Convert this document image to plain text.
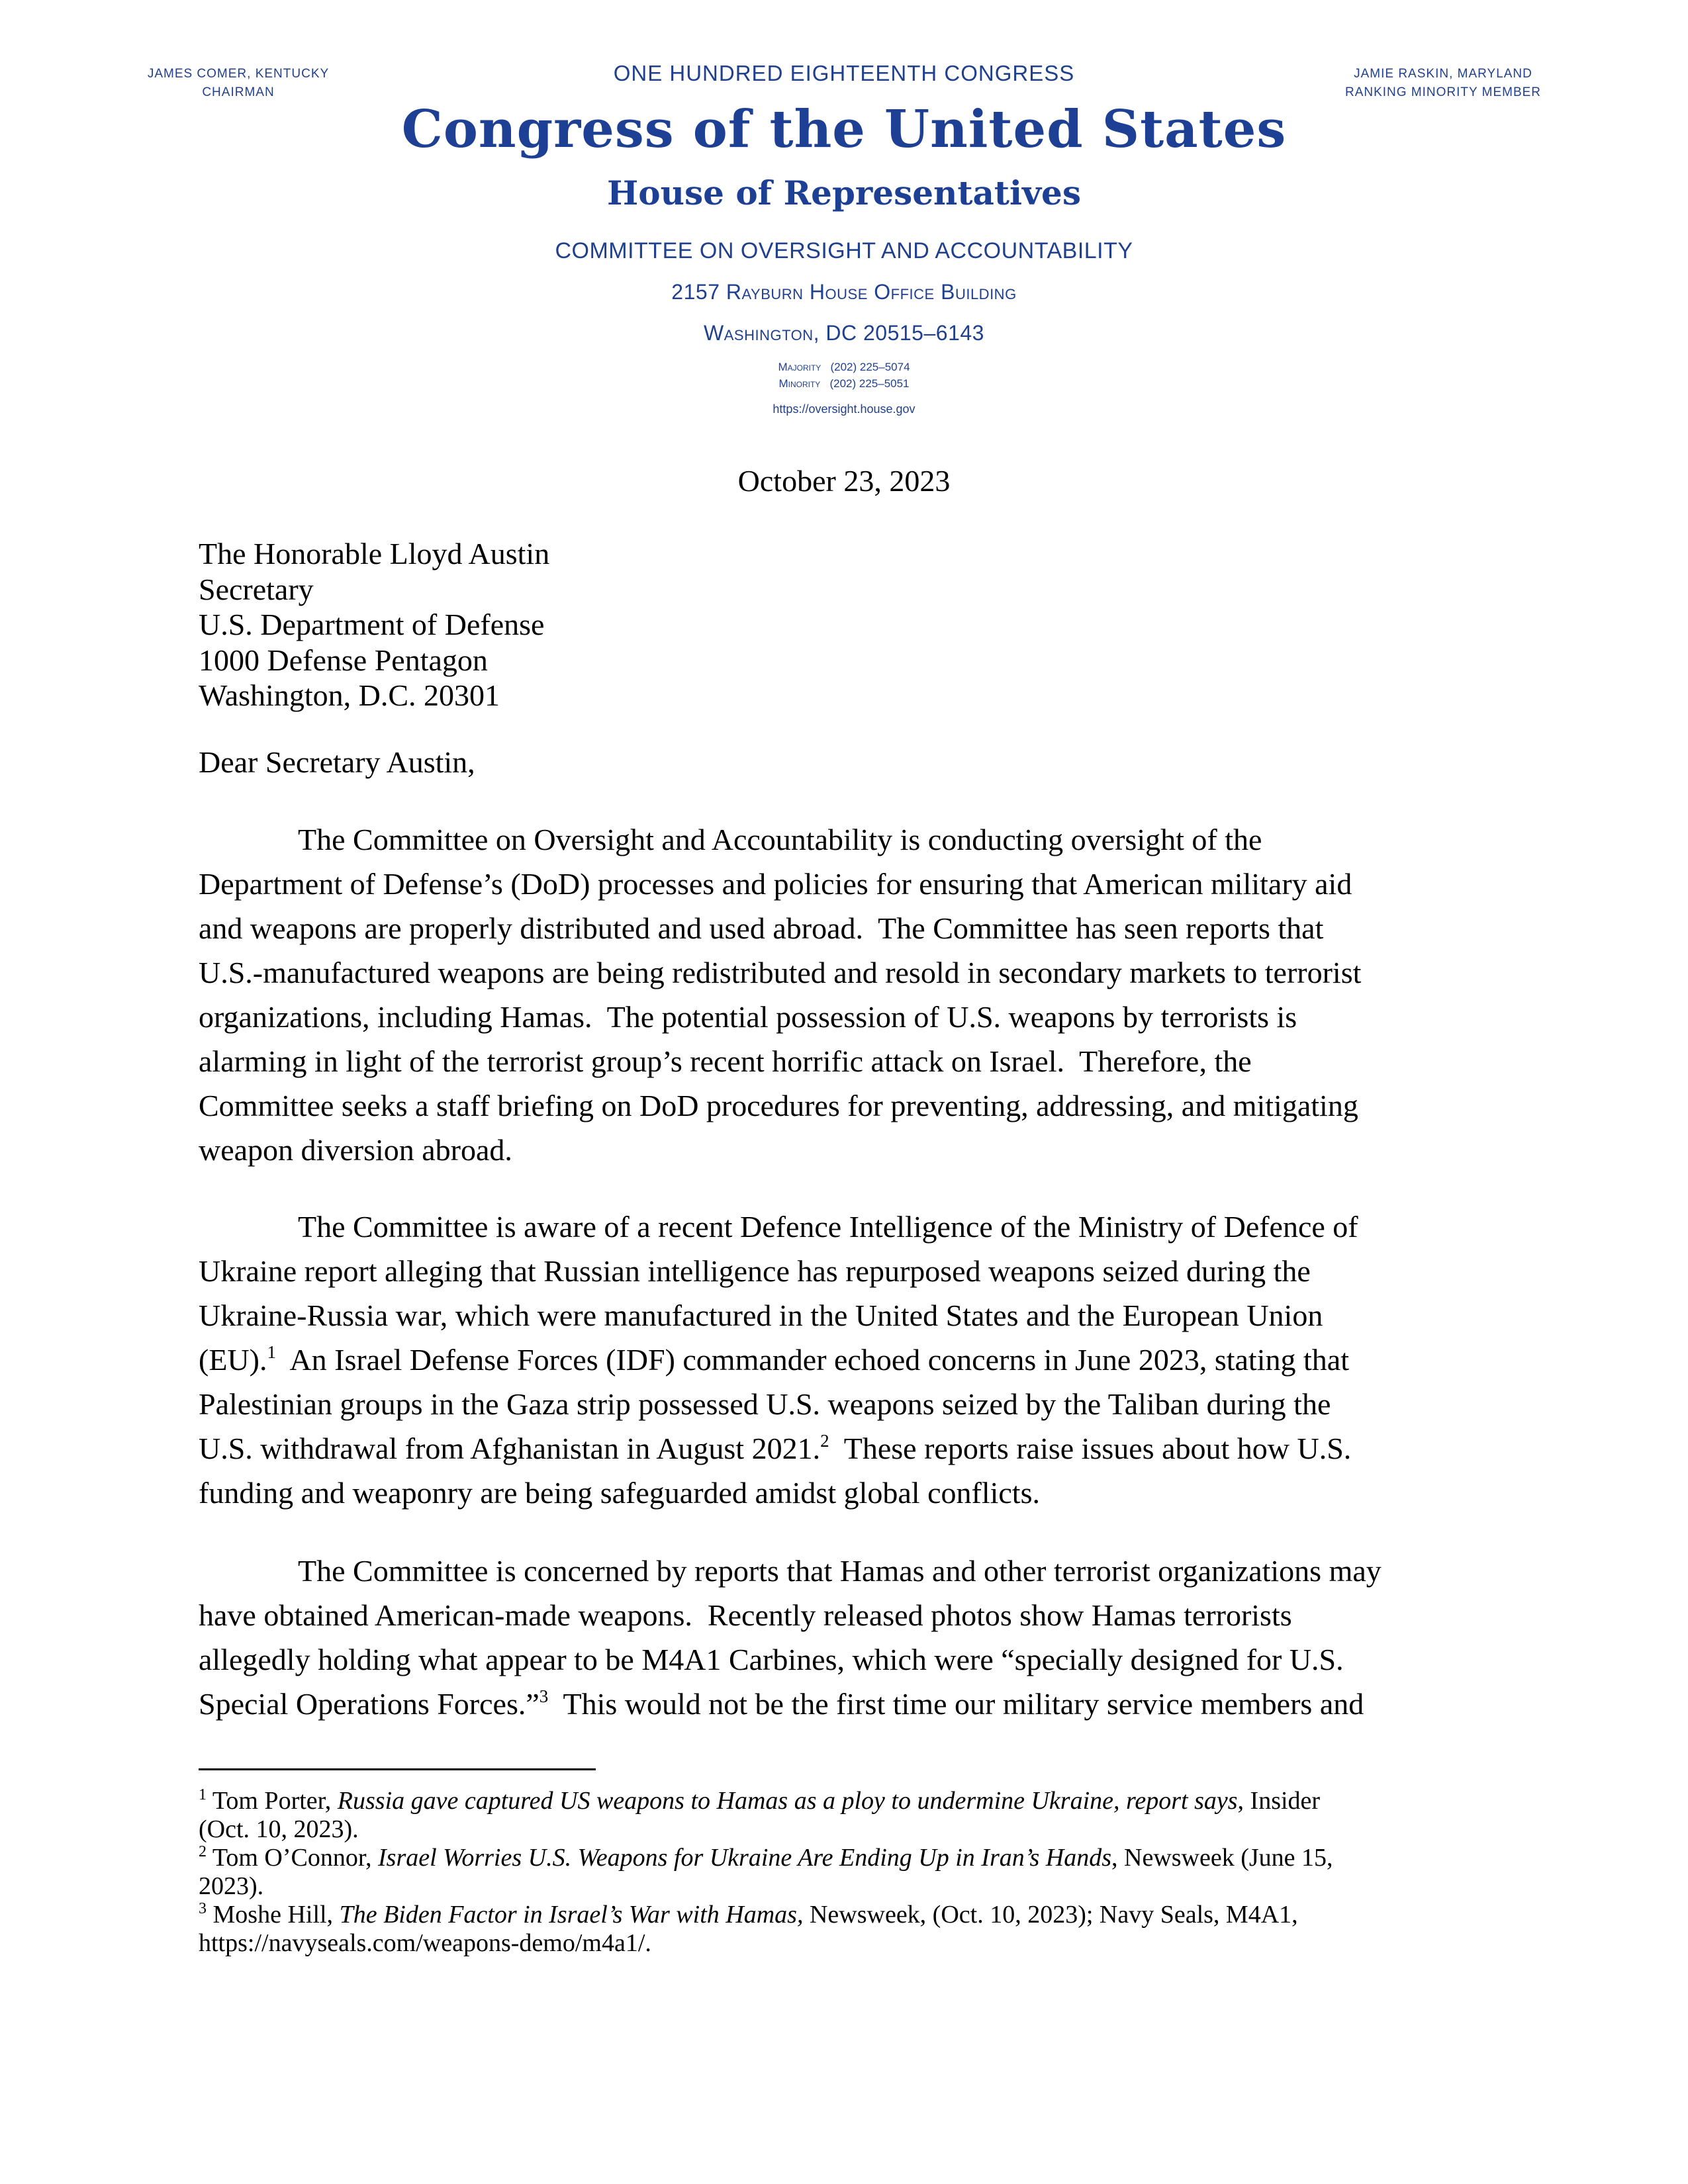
JAMES COMER, KENTUCKY
CHAIRMAN
JAMIE RASKIN, MARYLAND
RANKING MINORITY MEMBER
ONE HUNDRED EIGHTEENTH CONGRESS
Congress of the United States
House of Representatives
COMMITTEE ON OVERSIGHT AND ACCOUNTABILITY
2157 Rayburn House Office Building
Washington, DC 20515–6143
Majority   (202) 225–5074
Minority   (202) 225–5051
https://oversight.house.gov
October 23, 2023
The Honorable Lloyd Austin
Secretary
U.S. Department of Defense
1000 Defense Pentagon
Washington, D.C. 20301
Dear Secretary Austin,
The Committee on Oversight and Accountability is conducting oversight of the
Department of Defense’s (DoD) processes and policies for ensuring that American military aid
and weapons are properly distributed and used abroad.  The Committee has seen reports that
U.S.-manufactured weapons are being redistributed and resold in secondary markets to terrorist
organizations, including Hamas.  The potential possession of U.S. weapons by terrorists is
alarming in light of the terrorist group’s recent horrific attack on Israel.  Therefore, the
Committee seeks a staff briefing on DoD procedures for preventing, addressing, and mitigating
weapon diversion abroad.
The Committee is aware of a recent Defence Intelligence of the Ministry of Defence of
Ukraine report alleging that Russian intelligence has repurposed weapons seized during the
Ukraine-Russia war, which were manufactured in the United States and the European Union
(EU).$^1$  An Israel Defense Forces (IDF) commander echoed concerns in June 2023, stating that
Palestinian groups in the Gaza strip possessed U.S. weapons seized by the Taliban during the
U.S. withdrawal from Afghanistan in August 2021.$^2$  These reports raise issues about how U.S.
funding and weaponry are being safeguarded amidst global conflicts.
The Committee is concerned by reports that Hamas and other terrorist organizations may
have obtained American-made weapons.  Recently released photos show Hamas terrorists
allegedly holding what appear to be M4A1 Carbines, which were “specially designed for U.S.
Special Operations Forces.”$^3$  This would not be the first time our military service members and
$^1$ Tom Porter, Russia gave captured US weapons to Hamas as a ploy to undermine Ukraine, report says, Insider
(Oct. 10, 2023).
$^2$ Tom O’Connor, Israel Worries U.S. Weapons for Ukraine Are Ending Up in Iran’s Hands, Newsweek (June 15,
2023).
$^3$ Moshe Hill, The Biden Factor in Israel’s War with Hamas, Newsweek, (Oct. 10, 2023); Navy Seals, M4A1,
https://navyseals.com/weapons-demo/m4a1/.
